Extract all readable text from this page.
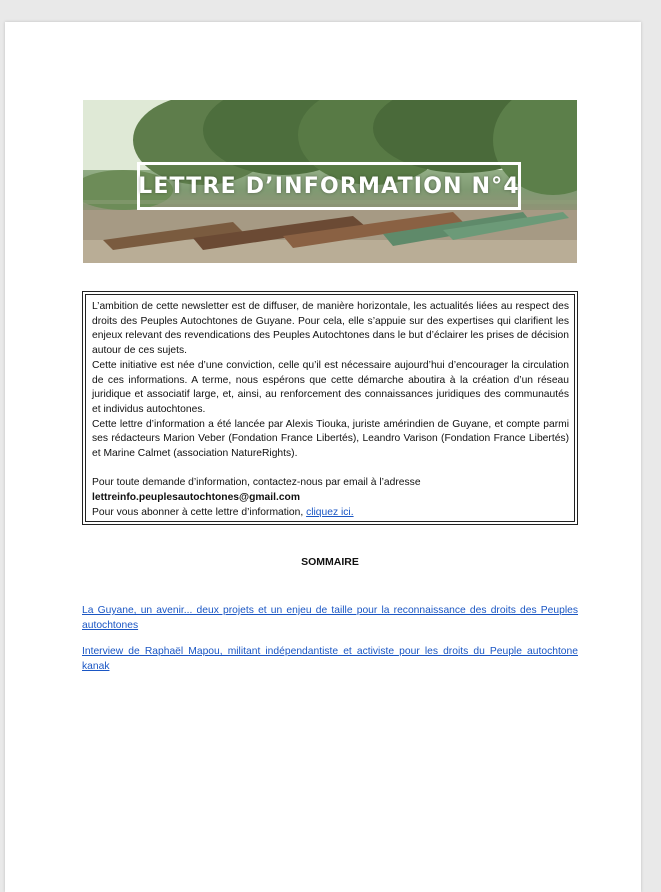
LETTRE D’INFORMATION N°4

L’ambition de cette newsletter est de diffuser, de manière horizontale, les actualités liées au respect des droits des Peuples Autochtones de Guyane. Pour cela, elle s’appuie sur des expertises qui clarifient les enjeux relevant des revendications des Peuples Autochtones dans le but d’éclairer les prises de décision autour de ces sujets.

Cette initiative est née d’une conviction, celle qu’il est nécessaire aujourd’hui d’encourager la circulation de ces informations. A terme, nous espérons que cette démarche aboutira à la création d’un réseau juridique et associatif large, et, ainsi, au renforcement des connaissances juridiques des communautés et individus autochtones.

Cette lettre d’information a été lancée par Alexis Tiouka, juriste amérindien de Guyane, et compte parmi ses rédacteurs Marion Veber (Fondation France Libertés), Leandro Varison (Fondation France Libertés) et Marine Calmet (association NatureRights).

Pour toute demande d’information, contactez-nous par email à l’adresse

lettreinfo.peuplesautochtones@gmail.com

Pour vous abonner à cette lettre d’information, cliquez ici.

SOMMAIRE
La Guyane, un avenir... deux projets et un enjeu de taille pour la reconnaissance des droits des Peuples autochtones
Interview de Raphaël Mapou, militant indépendantiste et activiste pour les droits du Peuple autochtone kanak
